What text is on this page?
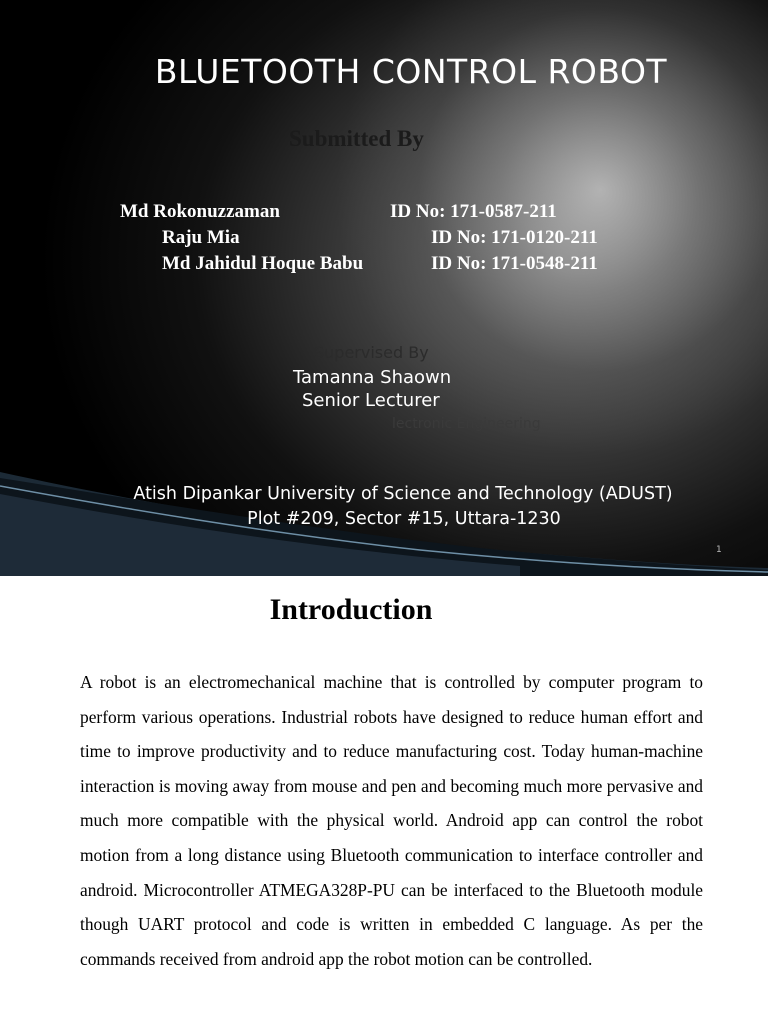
BLUETOOTH CONTROL ROBOT
Submitted By
Md Rokonuzzaman	ID No: 171-0587-211
Raju Mia	ID No: 171-0120-211
Md Jahidul Hoque Babu	ID No: 171-0548-211
Supervised By
Tamanna Shaown
Senior Lecturer
lectronic Engineering
Atish Dipankar University of Science and Technology (ADUST)
Plot #209, Sector #15, Uttara-1230
1
Introduction

A robot is an electromechanical machine that is controlled by computer program to perform various operations. Industrial robots have designed to reduce human effort and time to improve productivity and to reduce manufacturing cost. Today human-machine interaction is moving away from mouse and pen and becoming much more pervasive and much more compatible with the physical world. Android app can control the robot motion from a long distance using Bluetooth communication to interface controller and android. Microcontroller ATMEGA328P-PU can be interfaced to the Bluetooth module though UART protocol and code is written in embedded C language. As per the commands received from android app the robot motion can be controlled.
